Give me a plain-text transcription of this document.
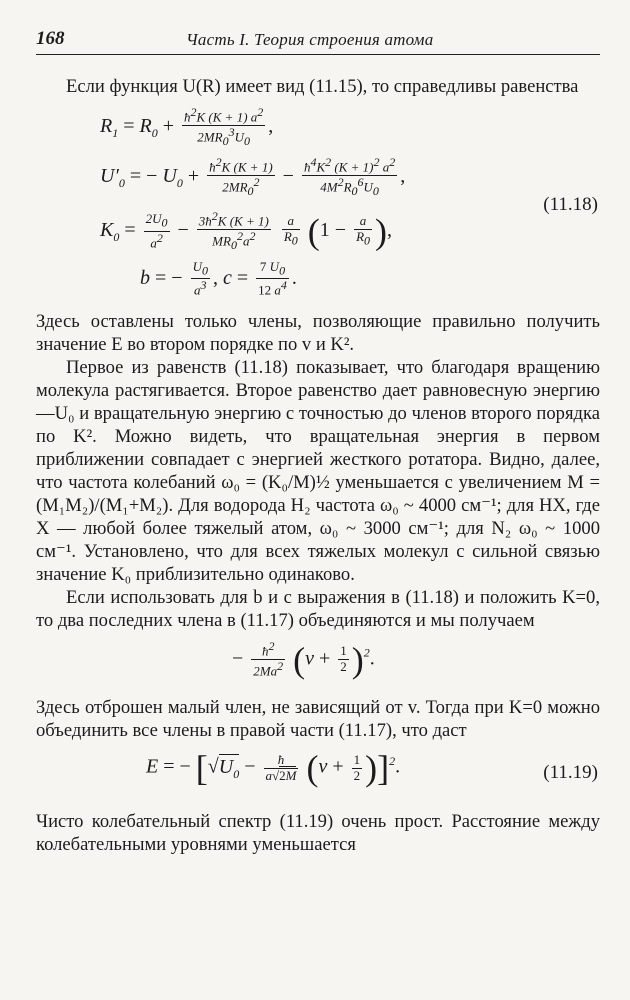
168	Часть I. Теория строения атома

Если функция U(R) имеет вид (11.15), то справедливы равенства

$R_1 = R_0 + \frac{ħ^2K (K + 1) a^2}{2MR_0^3U_0}$ ,
$U'_0$ = − $U_0 + \frac{ħ^2K (K + 1)}{2MR_0^2} - \frac{ħ^4K^2 (K + 1)^2 a^2}{4M^2R_0^6U_0}$ ,
$K_0 = \frac{2U_0}{a^2} - \frac{3ħ^2K (K + 1)}{MR_0^2a^2}$
$\frac{a}{R_0} (1 - \frac{a}{R_0}$ ),
b = − $\frac{U_0}{a^3}$ , $c = \frac{7 U_0}{12 a^4}$ .
(11.18)

Здесь оставлены только члены, позволяющие правильно получить значение E во втором порядке по v и K².

Первое из равенств (11.18) показывает, что благодаря вращению молекула растягивается. Второе равенство дает равновесную энергию —U₀ и вращательную энергию с точностью до членов второго порядка по K². Можно видеть, что вращательная энергия в первом приближении совпадает с энергией жесткого ротатора. Видно, далее, что частота колебаний ω₀ = (K₀/M)½ уменьшается с увеличением M = (M₁M₂)/(M₁+M₂). Для водорода H₂ частота ω₀ ~ 4000 см⁻¹; для HX, где X — любой более тяжелый атом, ω₀ ~ 3000 см⁻¹; для N₂ ω₀ ~ 1000 см⁻¹. Установлено, что для всех тяжелых молекул с сильной связью значение K₀ приблизительно одинаково.

Если использовать для b и c выражения в (11.18) и положить K=0, то два последних члена в (11.17) объединяются и мы получаем

− $\frac{ħ^2}{2Ma^2} (v + \frac{1}{2} )^2$.

Здесь отброшен малый член, не зависящий от v. Тогда при K=0 можно объединить все члены в правой части (11.17), что даст

E = − $[√U_0 - \frac{ħ}{a√2M} (v + \frac{1}{2} )]^2$.	(11.19)

Чисто колебательный спектр (11.19) очень прост. Расстояние между колебательными уровнями уменьшается
